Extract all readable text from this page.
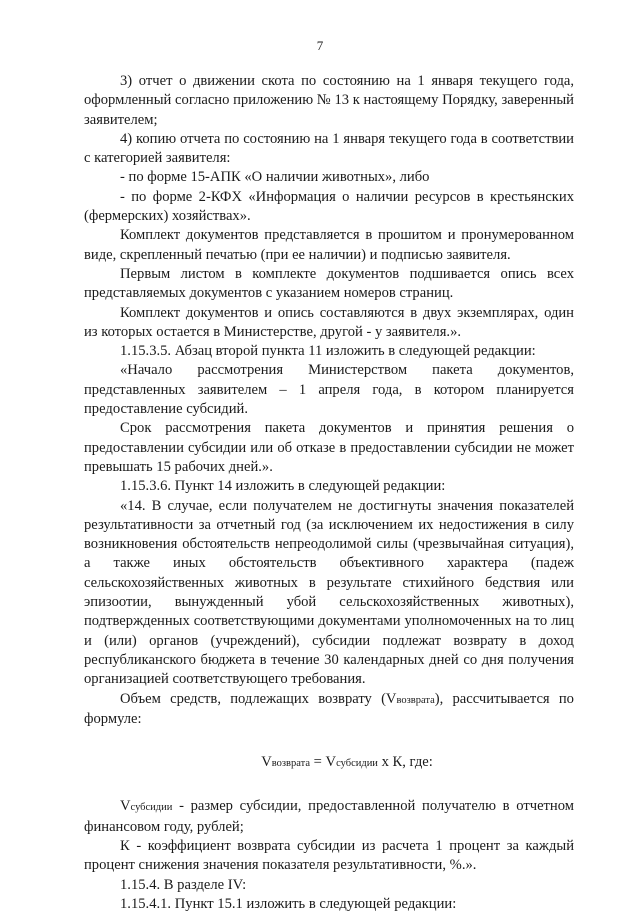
7

3) отчет о движении скота по состоянию на 1 января текущего года, оформленный согласно приложению № 13 к настоящему Порядку, заверенный заявителем;

4) копию отчета по состоянию на 1 января текущего года в соответствии с категорией заявителя:

- по форме 15-АПК «О наличии животных», либо

- по форме 2-КФХ «Информация о наличии ресурсов в крестьянских (фермерских) хозяйствах».

Комплект документов представляется в прошитом и пронумерованном виде, скрепленный печатью (при ее наличии) и подписью заявителя.

Первым листом в комплекте документов подшивается опись всех представляемых документов с указанием номеров страниц.

Комплект документов и опись составляются в двух экземплярах, один из которых остается в Министерстве, другой - у заявителя.».

1.15.3.5. Абзац второй пункта 11 изложить в следующей редакции:

«Начало рассмотрения Министерством пакета документов, представленных заявителем – 1 апреля года, в котором планируется предоставление субсидий.

Срок рассмотрения пакета документов и принятия решения о предоставлении субсидии или об отказе в предоставлении субсидии не может превышать 15 рабочих дней.».

1.15.3.6. Пункт 14 изложить в следующей редакции:

«14. В случае, если получателем не достигнуты значения показателей результативности за отчетный год (за исключением их недостижения в силу возникновения обстоятельств непреодолимой силы (чрезвычайная ситуация), а также иных обстоятельств объективного характера (падеж сельскохозяйственных животных в результате стихийного бедствия или эпизоотии, вынужденный убой сельскохозяйственных животных), подтвержденных соответствующими документами уполномоченных на то лиц и (или) органов (учреждений), субсидии подлежат возврату в доход республиканского бюджета в течение 30 календарных дней со дня получения организацией соответствующего требования.

Объем средств, подлежащих возврату (Vвозврата), рассчитывается по формуле:

Vвозврата = Vсубсидии х К, где:

Vсубсидии - размер субсидии, предоставленной получателю в отчетном финансовом году, рублей;

К - коэффициент возврата субсидии из расчета 1 процент за каждый процент снижения значения показателя результативности, %.».

1.15.4. В разделе IV:

1.15.4.1. Пункт 15.1 изложить в следующей редакции:
